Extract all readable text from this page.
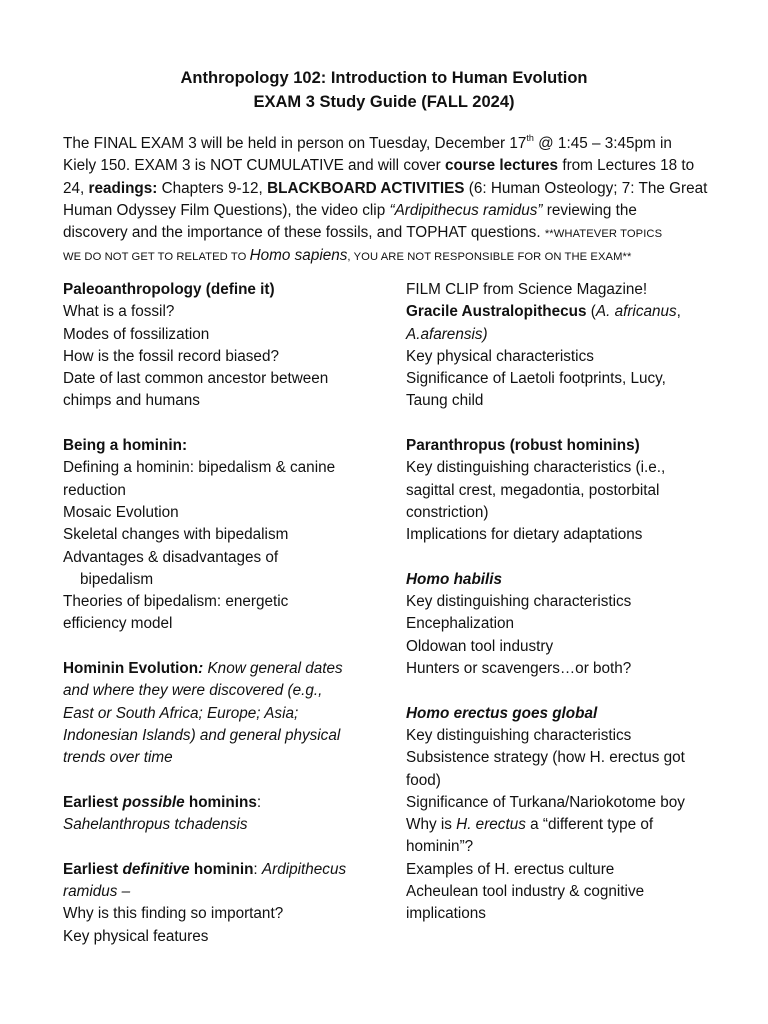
Anthropology 102: Introduction to Human Evolution
EXAM 3 Study Guide (FALL 2024)
The FINAL EXAM 3 will be held in person on Tuesday, December 17th @ 1:45 – 3:45pm in
Kiely 150. EXAM 3 is NOT CUMULATIVE and will cover course lectures from Lectures 18 to
24, readings: Chapters 9-12, BLACKBOARD ACTIVITIES (6: Human Osteology; 7: The Great
Human Odyssey Film Questions), the video clip “Ardipithecus ramidus” reviewing the
discovery and the importance of these fossils, and TOPHAT questions. **WHATEVER TOPICS
WE DO NOT GET TO RELATED TO Homo sapiens, YOU ARE NOT RESPONSIBLE FOR ON THE EXAM**
Paleoanthropology (define it)
What is a fossil?
Modes of fossilization
How is the fossil record biased?
Date of last common ancestor between
chimps and humans
Being a hominin:
Defining a hominin: bipedalism & canine
reduction
Mosaic Evolution
Skeletal changes with bipedalism
Advantages & disadvantages of
bipedalism
Theories of bipedalism: energetic
efficiency model
Hominin Evolution: Know general dates
and where they were discovered (e.g.,
East or South Africa; Europe; Asia;
Indonesian Islands) and general physical
trends over time
Earliest possible hominins:
Sahelanthropus tchadensis
Earliest definitive hominin: Ardipithecus
ramidus –
Why is this finding so important?
Key physical features
FILM CLIP from Science Magazine!
Gracile Australopithecus (A. africanus,
A.afarensis)
Key physical characteristics
Significance of Laetoli footprints, Lucy,
Taung child
Paranthropus (robust hominins)
Key distinguishing characteristics (i.e.,
sagittal crest, megadontia, postorbital
constriction)
Implications for dietary adaptations
Homo habilis
Key distinguishing characteristics
Encephalization
Oldowan tool industry
Hunters or scavengers…or both?
Homo erectus goes global
Key distinguishing characteristics
Subsistence strategy (how H. erectus got
food)
Significance of Turkana/Nariokotome boy
Why is H. erectus a “different type of
hominin”?
Examples of H. erectus culture
Acheulean tool industry & cognitive
implications
